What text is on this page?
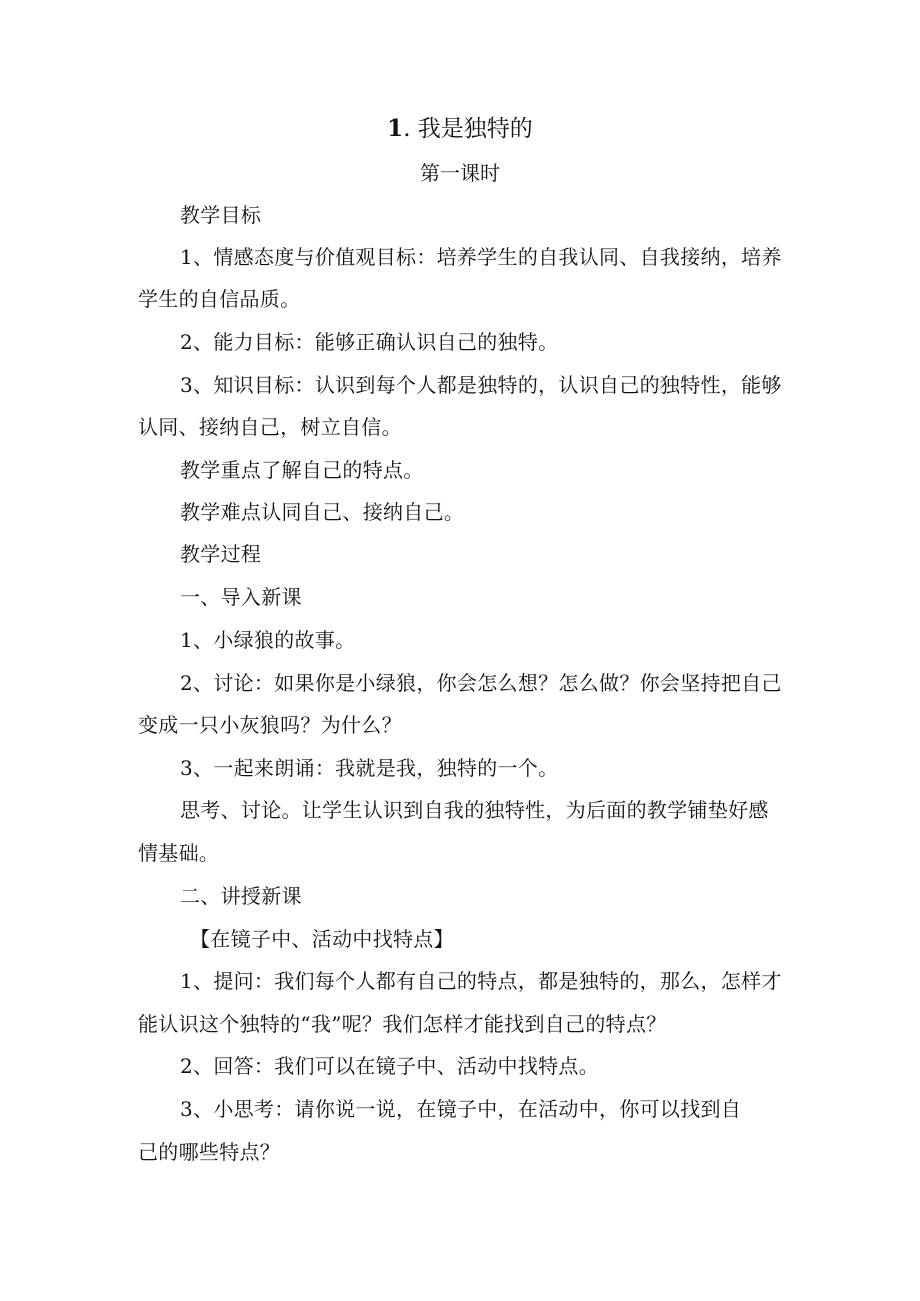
1. 我是独特的
第一课时
教学目标
1、情感态度与价值观目标：培养学生的自我认同、自我接纳，培养
学生的自信品质。
2、能力目标：能够正确认识自己的独特。
3、知识目标：认识到每个人都是独特的，认识自己的独特性，能够
认同、接纳自己，树立自信。
教学重点了解自己的特点。
教学难点认同自己、接纳自己。
教学过程
一、导入新课
1、小绿狼的故事。
2、讨论：如果你是小绿狼，你会怎么想？怎么做？你会坚持把自己
变成一只小灰狼吗？为什么？
3、一起来朗诵：我就是我，独特的一个。
思考、讨论。让学生认识到自我的独特性，为后面的教学铺垫好感
情基础。
二、讲授新课
【在镜子中、活动中找特点】
1、提问：我们每个人都有自己的特点，都是独特的，那么，怎样才
能认识这个独特的“我”呢？我们怎样才能找到自己的特点？
2、回答：我们可以在镜子中、活动中找特点。
3、小思考：请你说一说，在镜子中，在活动中，你可以找到自
己的哪些特点？
